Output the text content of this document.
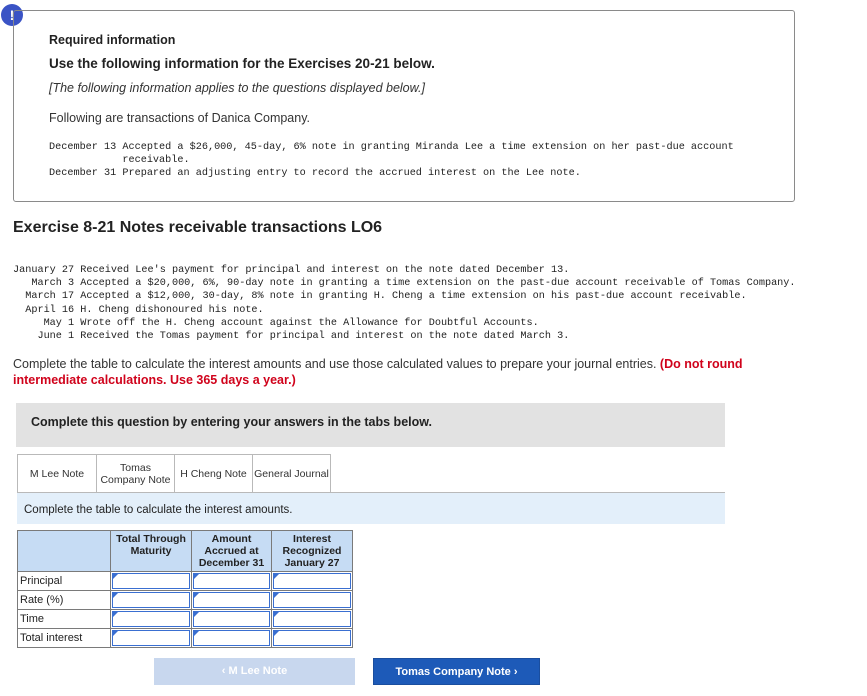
!
Required information
Use the following information for the Exercises 20-21 below.
[The following information applies to the questions displayed below.]
Following are transactions of Danica Company.
December 13 Accepted a $26,000, 45-day, 6% note in granting Miranda Lee a time extension on her past-due account
receivable.
December 31 Prepared an adjusting entry to record the accrued interest on the Lee note.
Exercise 8-21 Notes receivable transactions LO6
January 27 Received Lee's payment for principal and interest on the note dated December 13.
March 3 Accepted a $20,000, 6%, 90-day note in granting a time extension on the past-due account receivable of Tomas Company.
March 17 Accepted a $12,000, 30-day, 8% note in granting H. Cheng a time extension on his past-due account receivable.
April 16 H. Cheng dishonoured his note.
May 1 Wrote off the H. Cheng account against the Allowance for Doubtful Accounts.
June 1 Received the Tomas payment for principal and interest on the note dated March 3.
Complete the table to calculate the interest amounts and use those calculated values to prepare your journal entries. (Do not round intermediate calculations. Use 365 days a year.)
Complete this question by entering your answers in the tabs below.
M Lee Note	Tomas Company Note H Cheng Note General Journal
Complete the table to calculate the interest amounts.
	Total Through Maturity	Amount Accrued at December 31	Interest Recognized January 27
Principal	

Rate (%)	

Time	

Total interest	

‹ M Lee Note	Tomas Company Note ›
